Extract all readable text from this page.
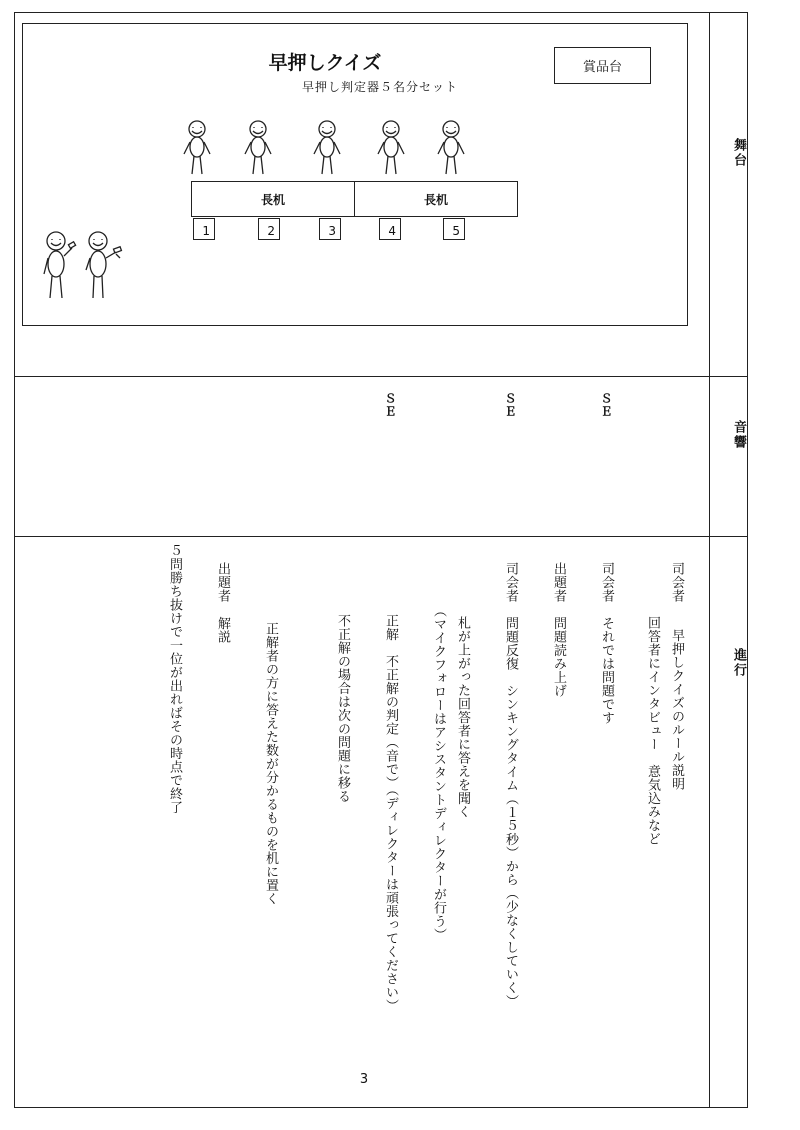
舞台
音響
進行
早押しクイズ
早押し判定器５名分セット
賞品台
長机	長机
1	2	3	4	5
ＳＥ	ＳＥ	ＳＥ
司会者早押しクイズのルール説明
回答者にインタビュー　意気込みなど
司会者それでは問題です
出題者問題読み上げ
司会者問題反復　シンキングタイム（１５秒）から（少なくしていく）
札が上がった回答者に答えを聞く
（マイクフォローはアシスタントディレクターが行う）
正解　不正解の判定（音で）（ディレクターは頑張ってください）
不正解の場合は次の問題に移る
正解者の方に答えた数が分かるものを机に置く
出題者解説
５問勝ち抜けで一位が出ればその時点で終了
3
